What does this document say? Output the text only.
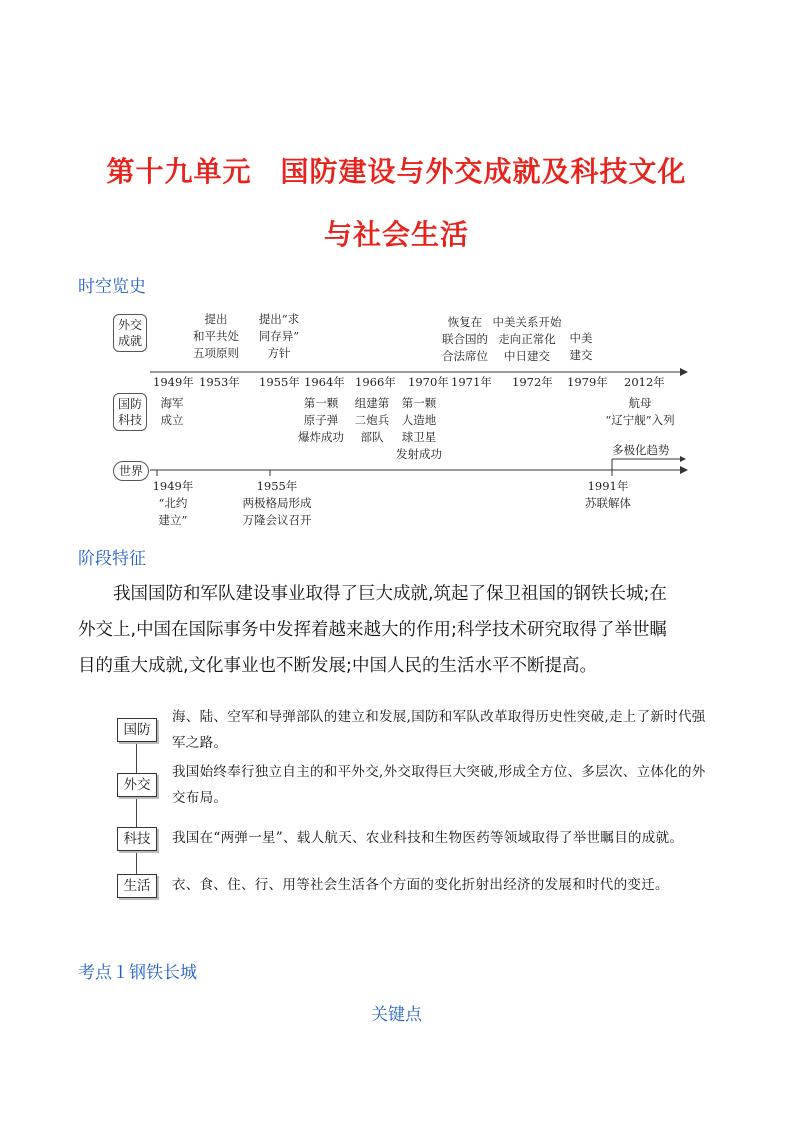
第十九单元　国防建设与外交成就及科技文化
与社会生活
时空览史
外交
成就
国防
科技
世界
1949年 1953年 1955年 1964年 1966年 1970年 1971年 1972年 1979年 2012年
提出
和平共处
五项原则
提出“求
同存异”
方针
恢复在
联合国的
合法席位
中美关系开始
走向正常化
中日建交
中美
建交
海军
成立
第一颗
原子弹
爆炸成功
组建第
二炮兵
部队
第一颗
人造地
球卫星
发射成功
航母
“辽宁舰”入列
多极化趋势
1949年
“北约
建立”
1955年
两极格局形成
万隆会议召开
1991年
苏联解体
阶段特征
我国国防和军队建设事业取得了巨大成就,筑起了保卫祖国的钢铁长城;在
外交上,中国在国际事务中发挥着越来越大的作用;科学技术研究取得了举世瞩
目的重大成就,文化事业也不断发展;中国人民的生活水平不断提高。
国防
海、陆、空军和导弹部队的建立和发展,国防和军队改革取得历史性突破,走上了新时代强
军之路。
外交
我国始终奉行独立自主的和平外交,外交取得巨大突破,形成全方位、多层次、立体化的外
交布局。
科技	我国在“两弹一星”、载人航天、农业科技和生物医药等领域取得了举世瞩目的成就。
生活	衣、食、住、行、用等社会生活各个方面的变化折射出经济的发展和时代的变迁。
考点１钢铁长城
关键点
